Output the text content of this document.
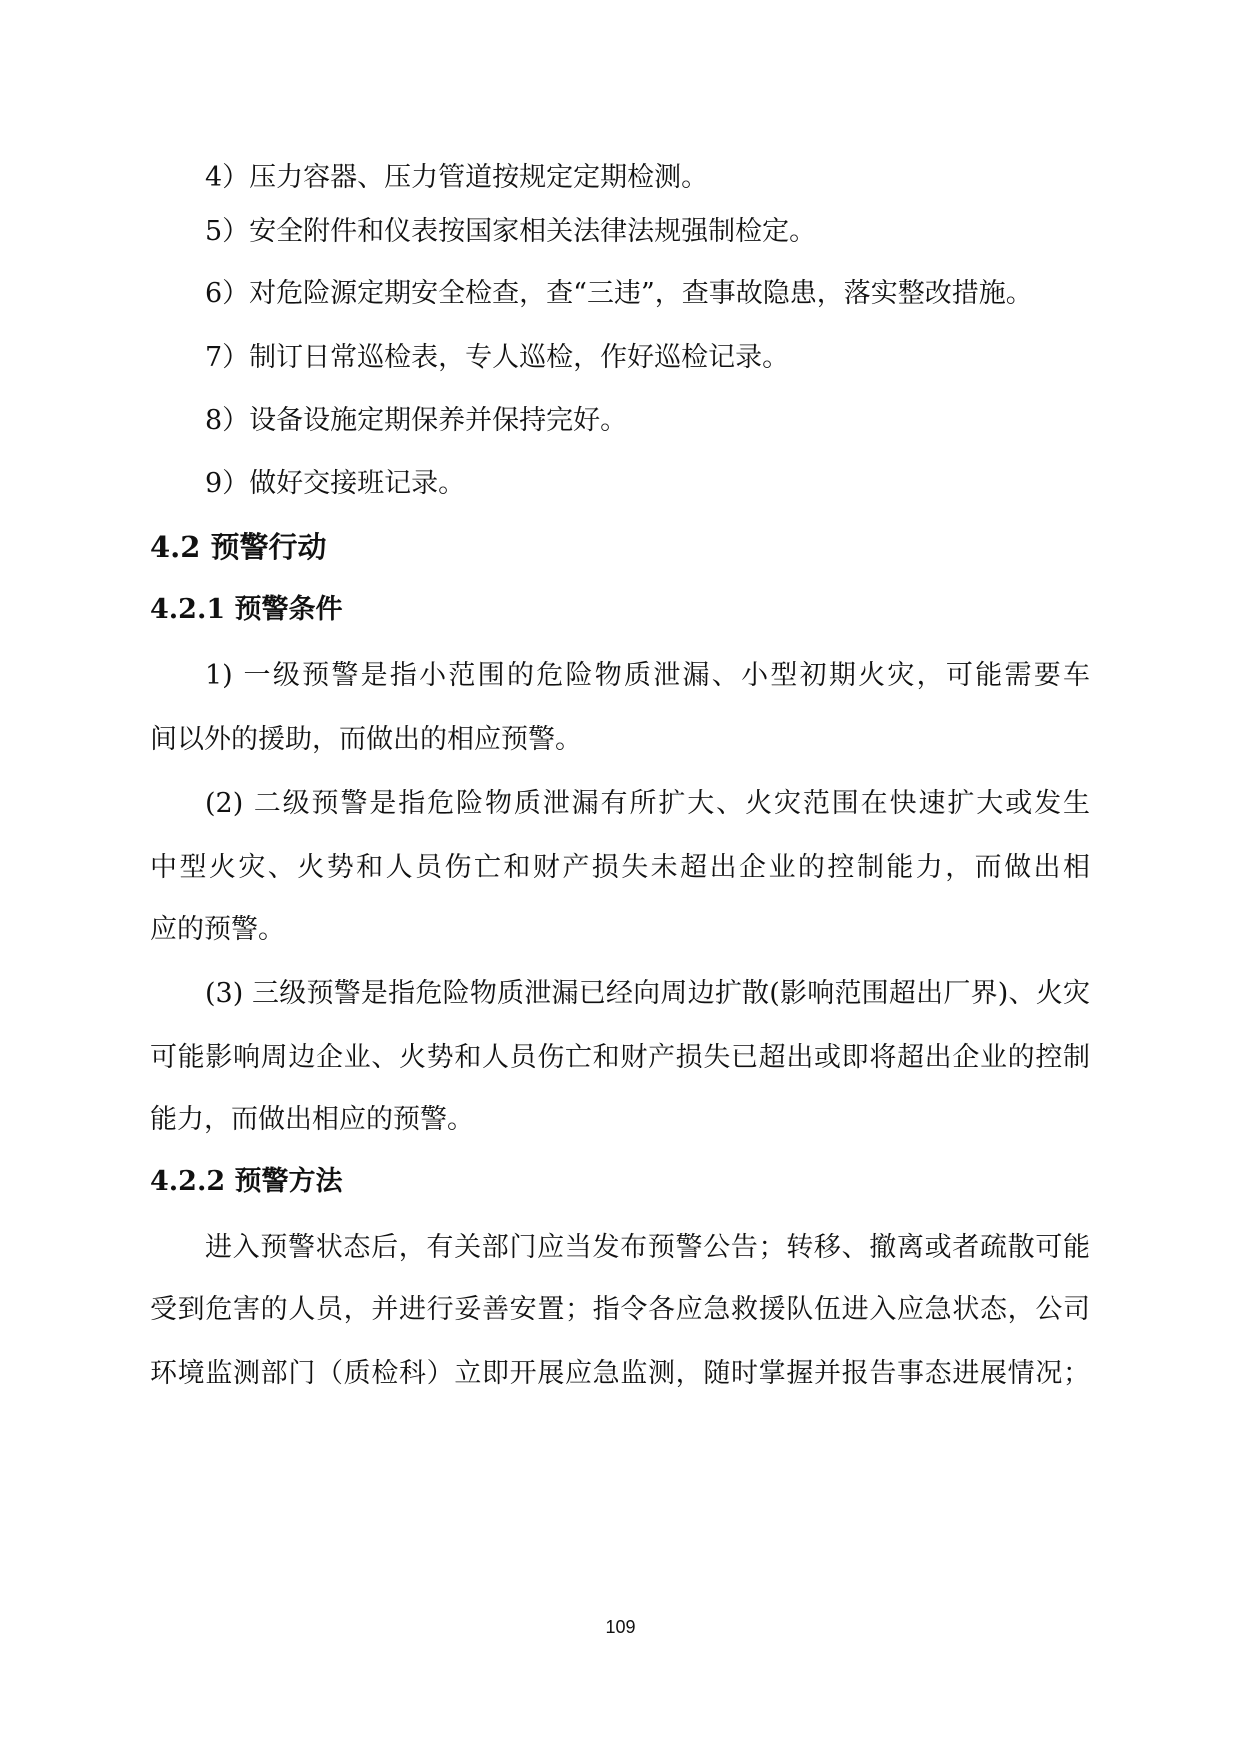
4）压力容器、压力管道按规定定期检测。
5）安全附件和仪表按国家相关法律法规强制检定。
6）对危险源定期安全检查，查“三违”，查事故隐患，落实整改措施。
7）制订日常巡检表，专人巡检，作好巡检记录。
8）设备设施定期保养并保持完好。
9）做好交接班记录。
4.2 预警行动
4.2.1 预警条件
1) 一级预警是指小范围的危险物质泄漏、小型初期火灾，可能需要车
间以外的援助，而做出的相应预警。
(2) 二级预警是指危险物质泄漏有所扩大、火灾范围在快速扩大或发生
中型火灾、火势和人员伤亡和财产损失未超出企业的控制能力，而做出相
应的预警。
(3) 三级预警是指危险物质泄漏已经向周边扩散(影响范围超出厂界)、火灾
可能影响周边企业、火势和人员伤亡和财产损失已超出或即将超出企业的控制
能力，而做出相应的预警。
4.2.2 预警方法
进入预警状态后，有关部门应当发布预警公告；转移、撤离或者疏散可能
受到危害的人员，并进行妥善安置；指令各应急救援队伍进入应急状态，公司
环境监测部门（质检科）立即开展应急监测，随时掌握并报告事态进展情况；
109
